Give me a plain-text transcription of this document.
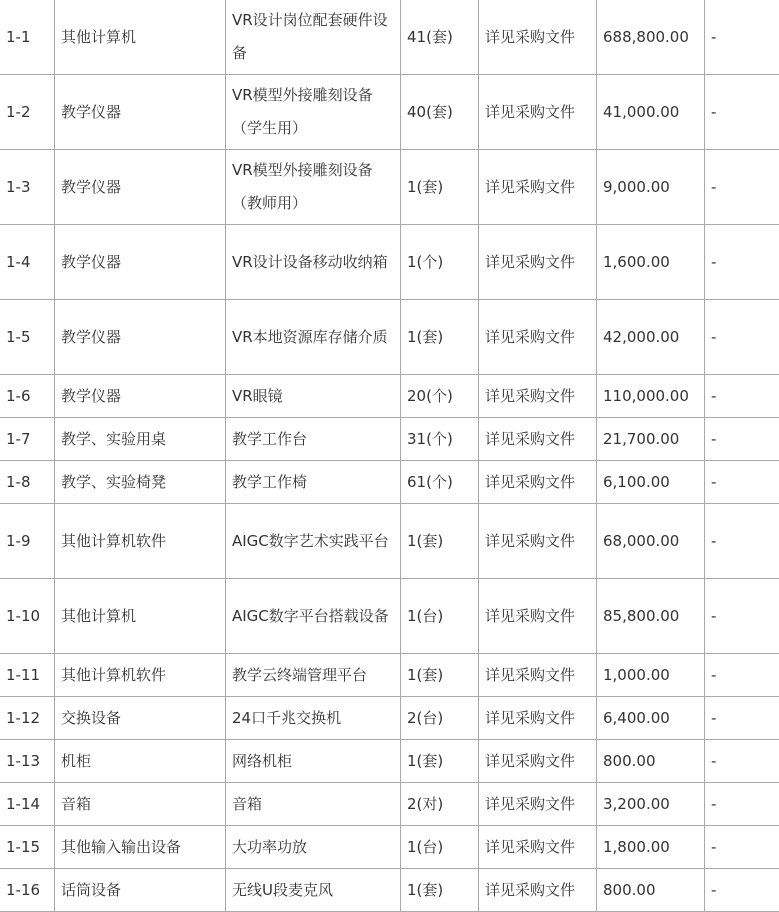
1-1	其他计算机	VR设计岗位配套硬件设备	41(套)	详见采购文件	688,800.00	-
1-2	教学仪器	VR模型外接雕刻设备（学生用）	40(套)	详见采购文件	41,000.00	-
1-3	教学仪器	VR模型外接雕刻设备（教师用）	1(套)	详见采购文件	9,000.00	-
1-4	教学仪器	VR设计设备移动收纳箱	1(个)	详见采购文件	1,600.00	-
1-5	教学仪器	VR本地资源库存储介质	1(套)	详见采购文件	42,000.00	-
1-6	教学仪器	VR眼镜	20(个)	详见采购文件	110,000.00	-
1-7	教学、实验用桌	教学工作台	31(个)	详见采购文件	21,700.00	-
1-8	教学、实验椅凳	教学工作椅	61(个)	详见采购文件	6,100.00	-
1-9	其他计算机软件	AIGC数字艺术实践平台	1(套)	详见采购文件	68,000.00	-
1-10	其他计算机	AIGC数字平台搭载设备	1(台)	详见采购文件	85,800.00	-
1-11	其他计算机软件	教学云终端管理平台	1(套)	详见采购文件	1,000.00	-
1-12	交换设备	24口千兆交换机	2(台)	详见采购文件	6,400.00	-
1-13	机柜	网络机柜	1(套)	详见采购文件	800.00	-
1-14	音箱	音箱	2(对)	详见采购文件	3,200.00	-
1-15	其他输入输出设备	大功率功放	1(台)	详见采购文件	1,800.00	-
1-16	话筒设备	无线U段麦克风	1(套)	详见采购文件	800.00	-
